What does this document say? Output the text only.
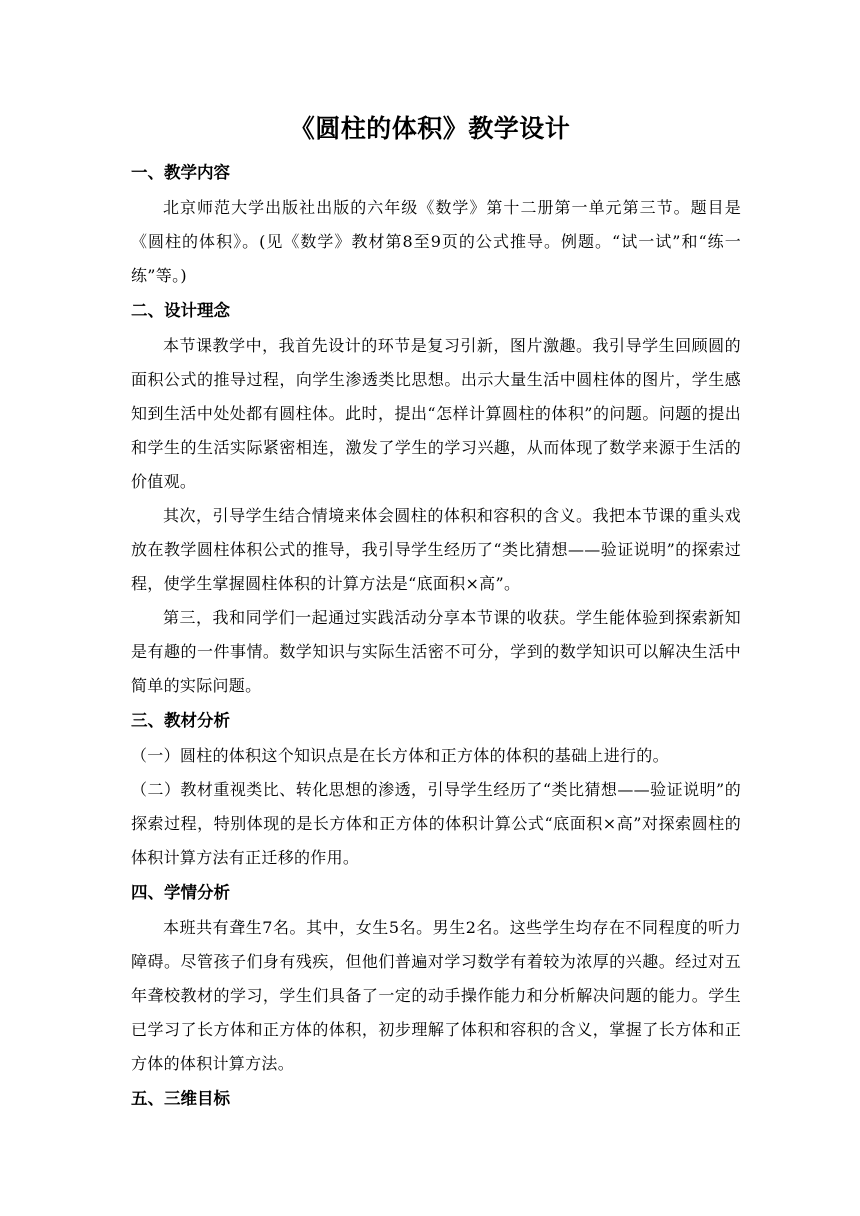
《圆柱的体积》教学设计
一、教学内容

北京师范大学出版社出版的六年级《数学》第十二册第一单元第三节。题目是《圆柱的体积》。(见《数学》教材第8至9页的公式推导。例题。“试一试”和“练一练”等。)

二、设计理念

本节课教学中，我首先设计的环节是复习引新，图片激趣。我引导学生回顾圆的面积公式的推导过程，向学生渗透类比思想。出示大量生活中圆柱体的图片，学生感知到生活中处处都有圆柱体。此时，提出“怎样计算圆柱的体积”的问题。问题的提出和学生的生活实际紧密相连，激发了学生的学习兴趣，从而体现了数学来源于生活的价值观。

其次，引导学生结合情境来体会圆柱的体积和容积的含义。我把本节课的重头戏放在教学圆柱体积公式的推导，我引导学生经历了“类比猜想——验证说明”的探索过程，使学生掌握圆柱体积的计算方法是“底面积×高”。

第三，我和同学们一起通过实践活动分享本节课的收获。学生能体验到探索新知是有趣的一件事情。数学知识与实际生活密不可分，学到的数学知识可以解决生活中简单的实际问题。

三、教材分析

（一）圆柱的体积这个知识点是在长方体和正方体的体积的基础上进行的。

（二）教材重视类比、转化思想的渗透，引导学生经历了“类比猜想——验证说明”的探索过程，特别体现的是长方体和正方体的体积计算公式“底面积×高”对探索圆柱的体积计算方法有正迁移的作用。

四、学情分析

本班共有聋生7名。其中，女生5名。男生2名。这些学生均存在不同程度的听力障碍。尽管孩子们身有残疾，但他们普遍对学习数学有着较为浓厚的兴趣。经过对五年聋校教材的学习，学生们具备了一定的动手操作能力和分析解决问题的能力。学生已学习了长方体和正方体的体积，初步理解了体积和容积的含义，掌握了长方体和正方体的体积计算方法。

五、三维目标
